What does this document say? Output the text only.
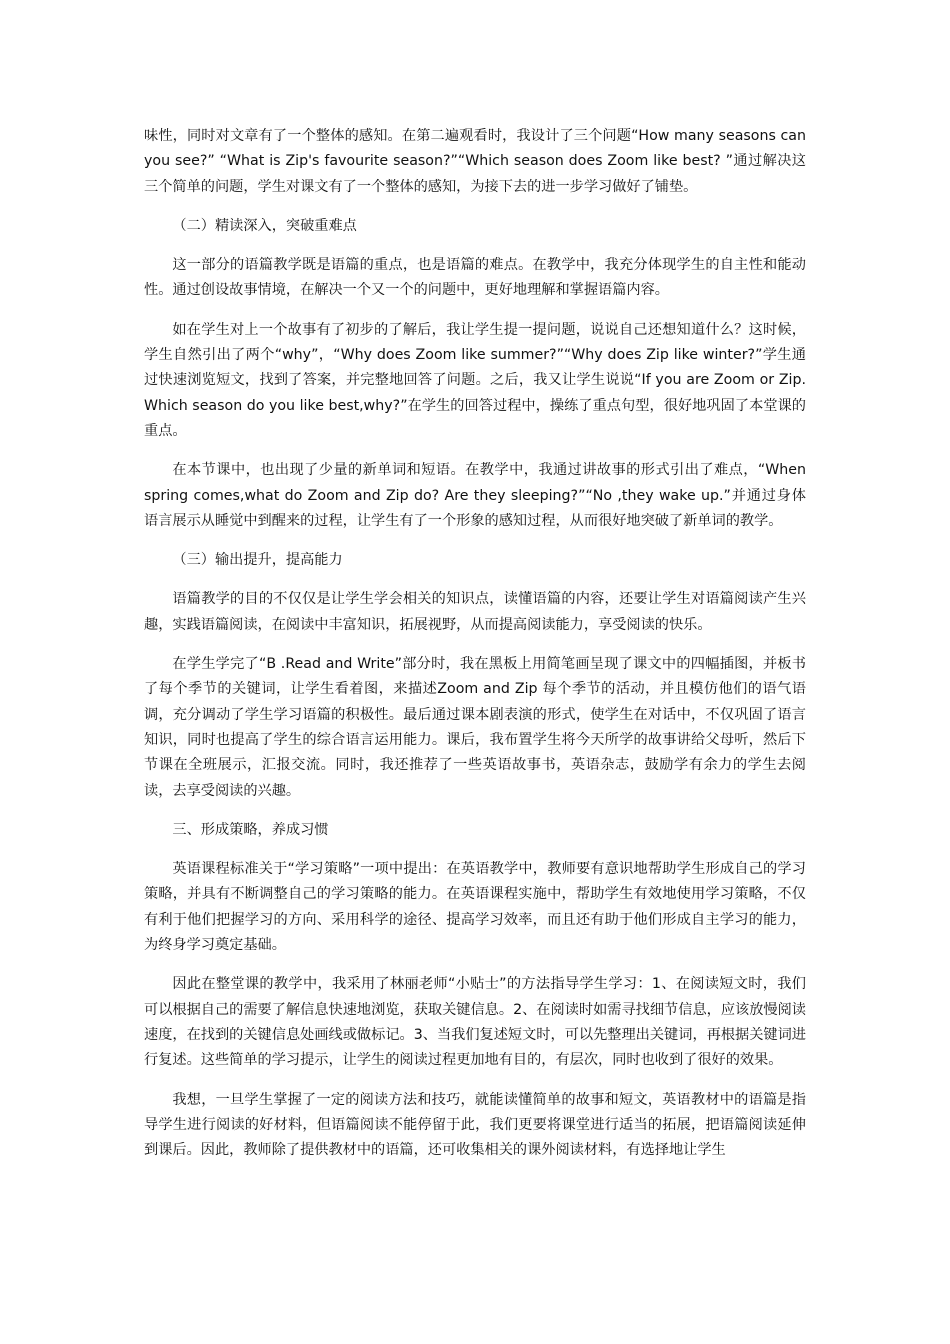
味性，同时对文章有了一个整体的感知。在第二遍观看时，我设计了三个问题“How many seasons can you see?” “What is Zip's favourite season?”“Which season does Zoom like best? ”通过解决这三个简单的问题，学生对课文有了一个整体的感知，为接下去的进一步学习做好了铺垫。

（二）精读深入，突破重难点

这一部分的语篇教学既是语篇的重点，也是语篇的难点。在教学中，我充分体现学生的自主性和能动性。通过创设故事情境，在解决一个又一个的问题中，更好地理解和掌握语篇内容。

如在学生对上一个故事有了初步的了解后，我让学生提一提问题，说说自己还想知道什么？这时候，学生自然引出了两个“why”，“Why does Zoom like summer?”“Why does Zip like winter?”学生通过快速浏览短文，找到了答案，并完整地回答了问题。之后，我又让学生说说“If you are Zoom or Zip. Which season do you like best,why?”在学生的回答过程中，操练了重点句型，很好地巩固了本堂课的重点。

在本节课中，也出现了少量的新单词和短语。在教学中，我通过讲故事的形式引出了难点，“When spring comes,what do Zoom and Zip do? Are they sleeping?”“No ,they wake up.”并通过身体语言展示从睡觉中到醒来的过程，让学生有了一个形象的感知过程，从而很好地突破了新单词的教学。

（三）输出提升，提高能力

语篇教学的目的不仅仅是让学生学会相关的知识点，读懂语篇的内容，还要让学生对语篇阅读产生兴趣，实践语篇阅读，在阅读中丰富知识，拓展视野，从而提高阅读能力，享受阅读的快乐。

在学生学完了“B .Read and Write”部分时，我在黑板上用简笔画呈现了课文中的四幅插图，并板书了每个季节的关键词，让学生看着图，来描述Zoom and Zip 每个季节的活动，并且模仿他们的语气语调，充分调动了学生学习语篇的积极性。最后通过课本剧表演的形式，使学生在对话中，不仅巩固了语言知识，同时也提高了学生的综合语言运用能力。课后，我布置学生将今天所学的故事讲给父母听，然后下节课在全班展示，汇报交流。同时，我还推荐了一些英语故事书，英语杂志，鼓励学有余力的学生去阅读，去享受阅读的兴趣。

三、形成策略，养成习惯

英语课程标准关于“学习策略”一项中提出：在英语教学中，教师要有意识地帮助学生形成自己的学习策略，并具有不断调整自己的学习策略的能力。在英语课程实施中，帮助学生有效地使用学习策略，不仅有利于他们把握学习的方向、采用科学的途径、提高学习效率，而且还有助于他们形成自主学习的能力，为终身学习奠定基础。

因此在整堂课的教学中，我采用了林丽老师“小贴士”的方法指导学生学习：1、在阅读短文时，我们可以根据自己的需要了解信息快速地浏览，获取关键信息。2、在阅读时如需寻找细节信息，应该放慢阅读速度，在找到的关键信息处画线或做标记。3、当我们复述短文时，可以先整理出关键词，再根据关键词进行复述。这些简单的学习提示，让学生的阅读过程更加地有目的，有层次，同时也收到了很好的效果。

我想，一旦学生掌握了一定的阅读方法和技巧，就能读懂简单的故事和短文，英语教材中的语篇是指导学生进行阅读的好材料，但语篇阅读不能停留于此，我们更要将课堂进行适当的拓展，把语篇阅读延伸到课后。因此，教师除了提供教材中的语篇，还可收集相关的课外阅读材料，有选择地让学生
